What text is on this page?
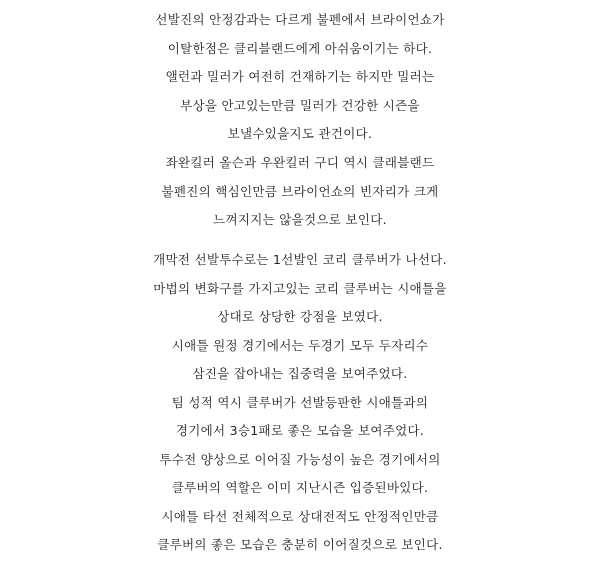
선발진의 안정감과는 다르게 불펜에서 브라이언쇼가
이탈한점은 클리블랜드에게 아쉬움이기는 하다.
앨런과 밀러가 여전히 건재하기는 하지만 밀러는
부상을 안고있는만큼 밀러가 건강한 시즌을
보낼수있을지도 관건이다.
좌완킬러 올슨과 우완킬러 구디 역시 클래블랜드
불펜진의 핵심인만큼 브라이언쇼의 빈자리가 크게
느껴지지는 않을것으로 보인다.
개막전 선발투수로는 1선발인 코리 클루버가 나선다.
마법의 변화구를 가지고있는 코리 클루버는 시애틀을
상대로 상당한 강점을 보였다.
시애틀 원정 경기에서는 두경기 모두 두자리수
삼진을 잡아내는 집중력을 보여주었다.
팀 성적 역시 클루버가 선발등판한 시애틀과의
경기에서 3승1패로 좋은 모습을 보여주었다.
투수전 양상으로 이어질 가능성이 높은 경기에서의
클루버의 역할은 이미 지난시즌 입증된바있다.
시애틀 타선 전체적으로 상대전적도 안정적인만큼
클루버의 좋은 모습은 충분히 이어질것으로 보인다.
